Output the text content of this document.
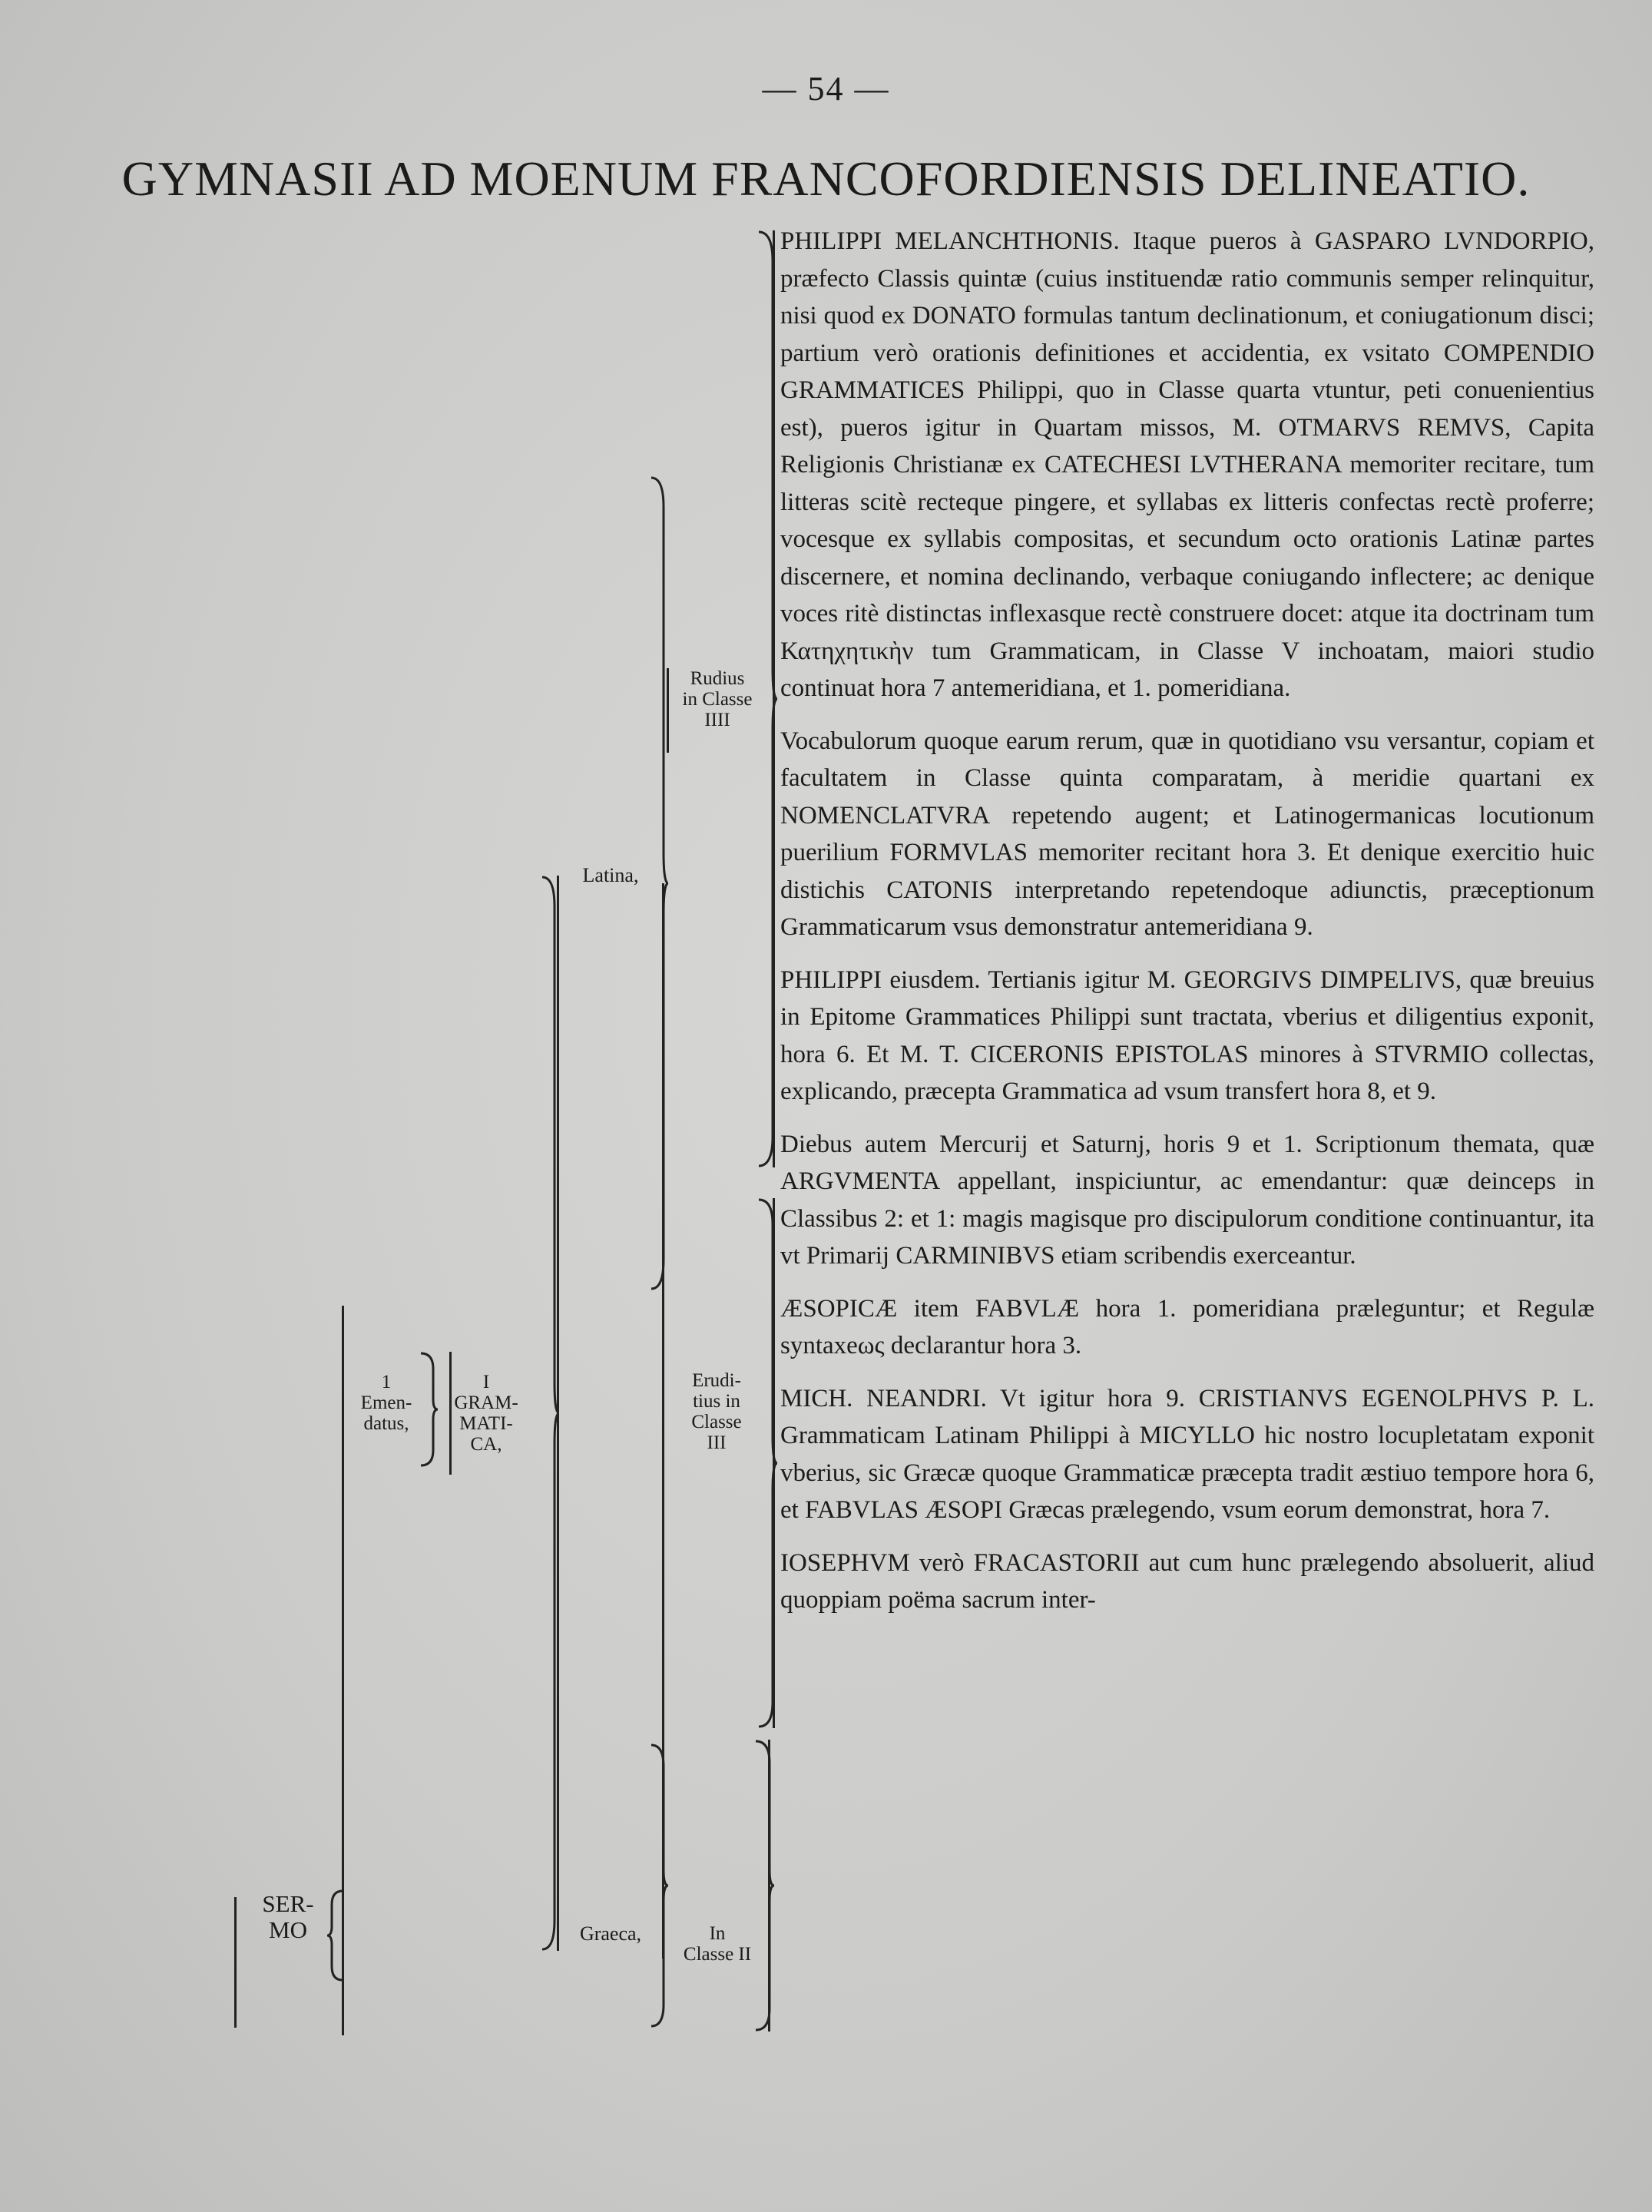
— 54 —
GYMNASII AD MOENUM FRANCOFORDIENSIS DELINEATIO.
SER-
MO
1
Emen-
datus,
I
GRAM-
MATI-
CA,
Latina,
Graeca,
Rudius
in Classe
IIII
Erudi-
tius in
Classe
III
In
Classe II

PHILIPPI MELANCHTHONIS. Itaque pueros à GASPARO LVNDORPIO, præfecto Classis quintæ (cuius instituendæ ratio communis semper relinquitur, nisi quod ex DONATO formulas tantum declinationum, et coniugationum disci; partium verò orationis definitiones et accidentia, ex vsitato COMPENDIO GRAMMATICES Philippi, quo in Classe quarta vtuntur, peti conuenientius est), pueros igitur in Quartam missos, M. OTMARVS REMVS, Capita Religionis Christianæ ex CATECHESI LVTHERANA memoriter recitare, tum litteras scitè recteque pingere, et syllabas ex litteris confectas rectè proferre; vocesque ex syllabis compositas, et secundum octo orationis Latinæ partes discernere, et nomina declinando, verbaque coniugando inflectere; ac denique voces ritè distinctas inflexasque rectè construere docet: atque ita doctrinam tum Κατηχητικὴν tum Grammaticam, in Classe V inchoatam, maiori studio continuat hora 7 antemeridiana, et 1. pomeridiana.

Vocabulorum quoque earum rerum, quæ in quotidiano vsu versantur, copiam et facultatem in Classe quinta comparatam, à meridie quartani ex NOMENCLATVRA repetendo augent; et Latinogermanicas locutionum puerilium FORMVLAS memoriter recitant hora 3. Et denique exercitio huic distichis CATONIS interpretando repetendoque adiunctis, præceptionum Grammaticarum vsus demonstratur antemeridiana 9.

PHILIPPI eiusdem. Tertianis igitur M. GEORGIVS DIMPELIVS, quæ breuius in Epitome Grammatices Philippi sunt tractata, vberius et diligentius exponit, hora 6. Et M. T. CICERONIS EPISTOLAS minores à STVRMIO collectas, explicando, præcepta Grammatica ad vsum transfert hora 8, et 9.

Diebus autem Mercurij et Saturnj, horis 9 et 1. Scriptionum themata, quæ ARGVMENTA appellant, inspiciuntur, ac emendantur: quæ deinceps in Classibus 2: et 1: magis magisque pro discipulorum conditione continuantur, ita vt Primarij CARMINIBVS etiam scribendis exerceantur.

ÆSOPICÆ item FABVLÆ hora 1. pomeridiana præleguntur; et Regulæ syntaxeως declarantur hora 3.

MICH. NEANDRI. Vt igitur hora 9. CRISTIANVS EGENOLPHVS P. L. Grammaticam Latinam Philippi à MICYLLO hic nostro locupletatam exponit vberius, sic Græcæ quoque Grammaticæ præcepta tradit æstiuo tempore hora 6, et FABVLAS ÆSOPI Græcas prælegendo, vsum eorum demonstrat, hora 7.

IOSEPHVM verò FRACASTORII aut cum hunc prælegendo absoluerit, aliud quoppiam poëma sacrum inter-
